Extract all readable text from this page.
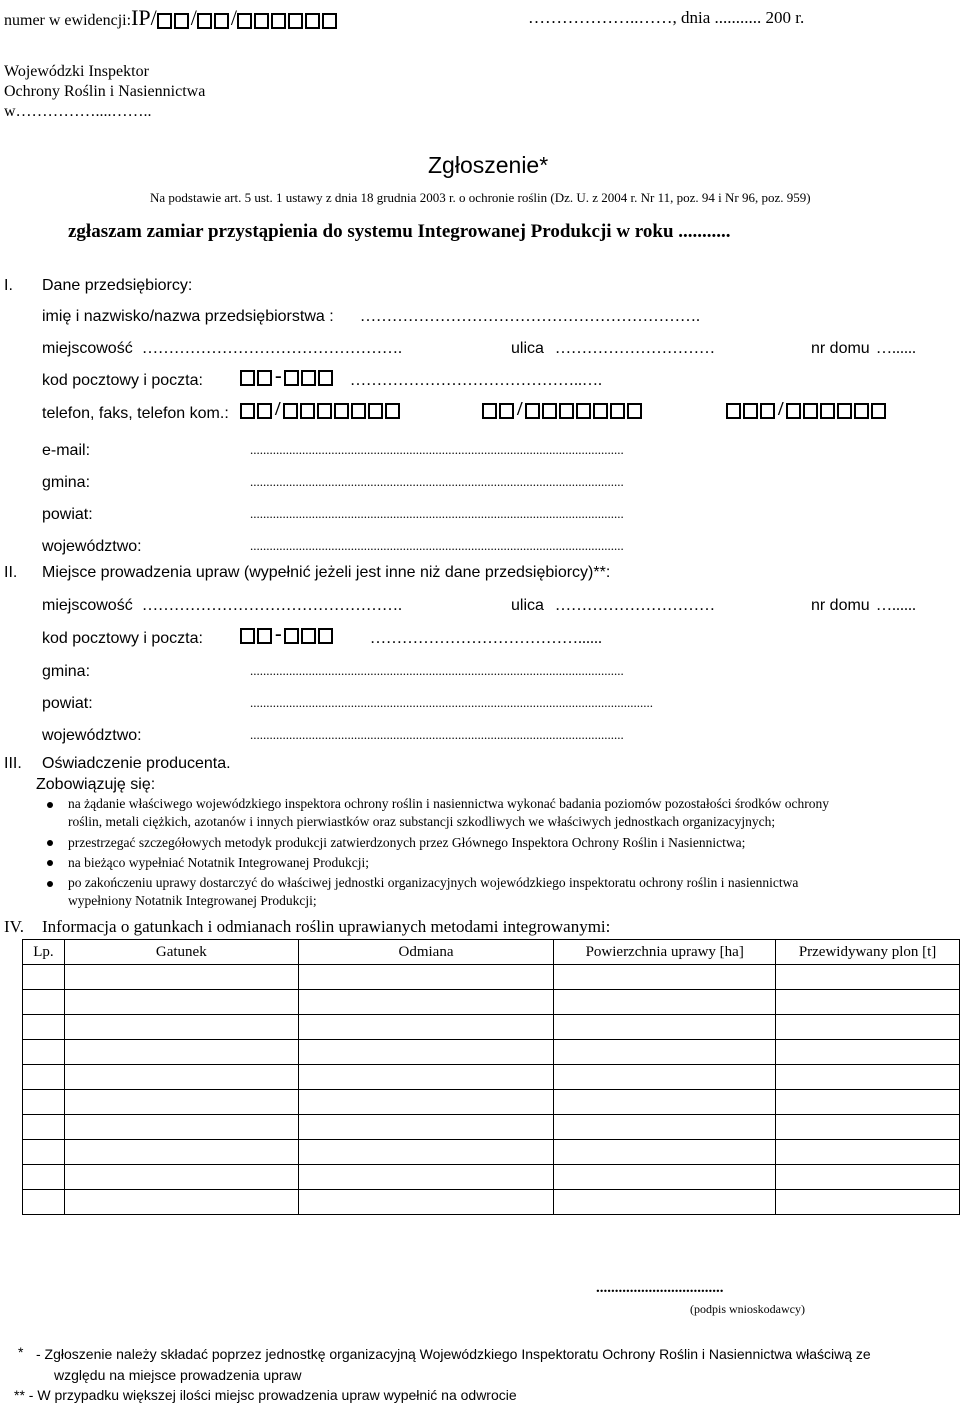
numer w ewidencji:IP/ / /	………………..……, dnia ........... 200 r.
Wojewódzki Inspektor
Ochrony Roślin i Nasiennictwa
w……………....……..
Zgłoszenie*
Na podstawie art. 5 ust. 1 ustawy z dnia 18 grudnia 2003 r. o ochronie roślin (Dz. U. z 2004 r. Nr 11, poz. 94 i Nr 96, poz. 959)
zgłaszam zamiar przystąpienia do systemu Integrowanej Produkcji w roku ...........
I. Dane przedsiębiorcy:
imię i nazwisko/nazwa przedsiębiorstwa : ……………………………………………………….
miejscowość ………………………………………….	ulica …………………………	nr domu …......
kod pocztowy i poczta:	-	……………………………………..….
telefon, faks, telefon kom.:	/	/	/
e-mail:	...................................................................................................................
gmina:	...................................................................................................................
powiat:	...................................................................................................................
województwo:	...................................................................................................................
II. Miejsce prowadzenia upraw (wypełnić jeżeli jest inne niż dane przedsiębiorcy)**:
miejscowość ………………………………………….	ulica …………………………	nr domu …......
kod pocztowy i poczta:	-	…………………………………......
gmina:	...................................................................................................................
powiat:	............................................................................................................................
województwo:	...................................................................................................................
III. Oświadczenie producenta.
Zobowiązuję się:
na żądanie właściwego wojewódzkiego inspektora ochrony roślin i nasiennictwa wykonać badania poziomów pozostałości środków ochrony
roślin, metali ciężkich, azotanów i innych pierwiastków oraz substancji szkodliwych we właściwych jednostkach organizacyjnych;
przestrzegać szczegółowych metodyk produkcji zatwierdzonych przez Głównego Inspektora Ochrony Roślin i Nasiennictwa;
na bieżąco wypełniać Notatnik Integrowanej Produkcji;
po zakończeniu uprawy dostarczyć do właściwej jednostki organizacyjnych wojewódzkiego inspektoratu ochrony roślin i nasiennictwa
wypełniony Notatnik Integrowanej Produkcji;
IV. Informacja o gatunkach i odmianach roślin uprawianych metodami integrowanymi:
Lp.	Gatunek	Odmiana	Powierzchnia uprawy [ha]	Przewidywany plon [t]

..................................
(podpis wnioskodawcy)
* - Zgłoszenie należy składać poprzez jednostkę organizacyjną Wojewódzkiego Inspektoratu Ochrony Roślin i Nasiennictwa właściwą ze
względu na miejsce prowadzenia upraw
** - W przypadku większej ilości miejsc prowadzenia upraw wypełnić na odwrocie
